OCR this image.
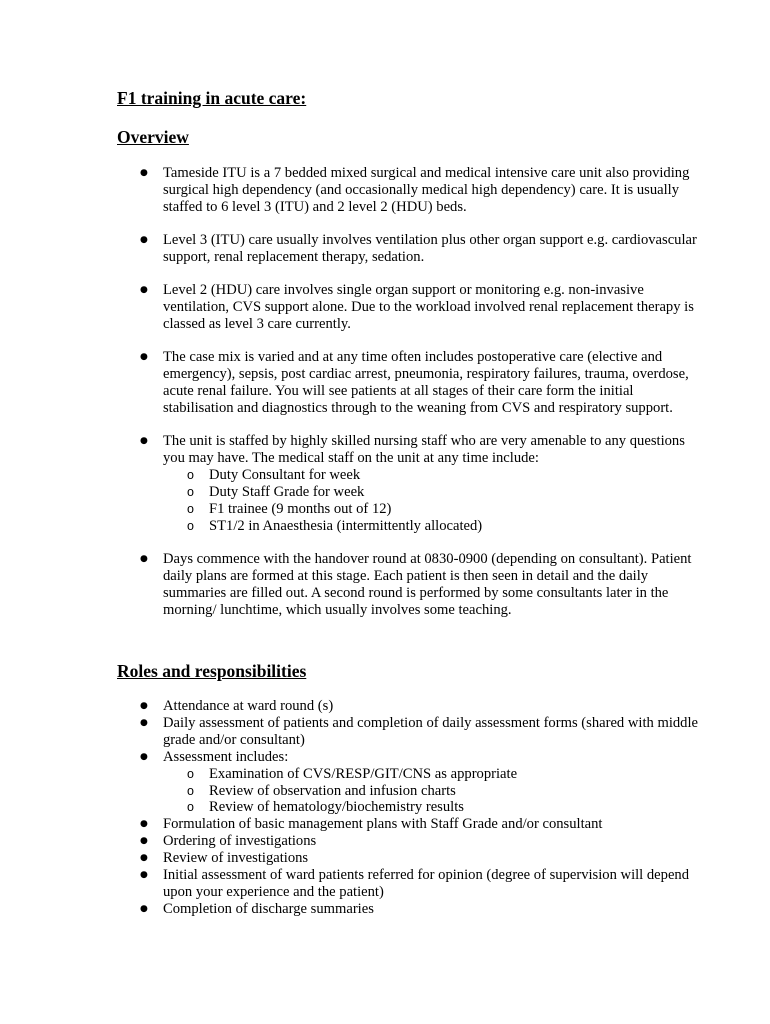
F1 training in acute care:
Overview
● Tameside ITU is a 7 bedded mixed surgical and medical intensive care unit also providing surgical high dependency (and occasionally medical high dependency) care. It is usually staffed to 6 level 3 (ITU) and 2 level 2 (HDU) beds.
● Level 3 (ITU) care usually involves ventilation plus other organ support e.g. cardiovascular support, renal replacement therapy, sedation.
● Level 2 (HDU) care involves single organ support or monitoring e.g. non-invasive ventilation, CVS support alone. Due to the workload involved renal replacement therapy is classed as level 3 care currently.
● The case mix is varied and at any time often includes postoperative care (elective and emergency), sepsis, post cardiac arrest, pneumonia, respiratory failures, trauma, overdose, acute renal failure. You will see patients at all stages of their care form the initial stabilisation and diagnostics through to the weaning from CVS and respiratory support.
● The unit is staffed by highly skilled nursing staff who are very amenable to any questions you may have. The medical staff on the unit at any time include:
o Duty Consultant for week
o Duty Staff Grade for week
o F1 trainee (9 months out of 12)
o ST1/2 in Anaesthesia (intermittently allocated)
● Days commence with the handover round at 0830-0900 (depending on consultant). Patient daily plans are formed at this stage. Each patient is then seen in detail and the daily summaries are filled out. A second round is performed by some consultants later in the morning/ lunchtime, which usually involves some teaching.
Roles and responsibilities
● Attendance at ward round (s)
● Daily assessment of patients and completion of daily assessment forms (shared with middle grade and/or consultant)
● Assessment includes:
o Examination of CVS/RESP/GIT/CNS as appropriate
o Review of observation and infusion charts
o Review of hematology/biochemistry results
● Formulation of basic management plans with Staff Grade and/or consultant
● Ordering of investigations
● Review of investigations
● Initial assessment of ward patients referred for opinion (degree of supervision will depend upon your experience and the patient)
● Completion of discharge summaries
